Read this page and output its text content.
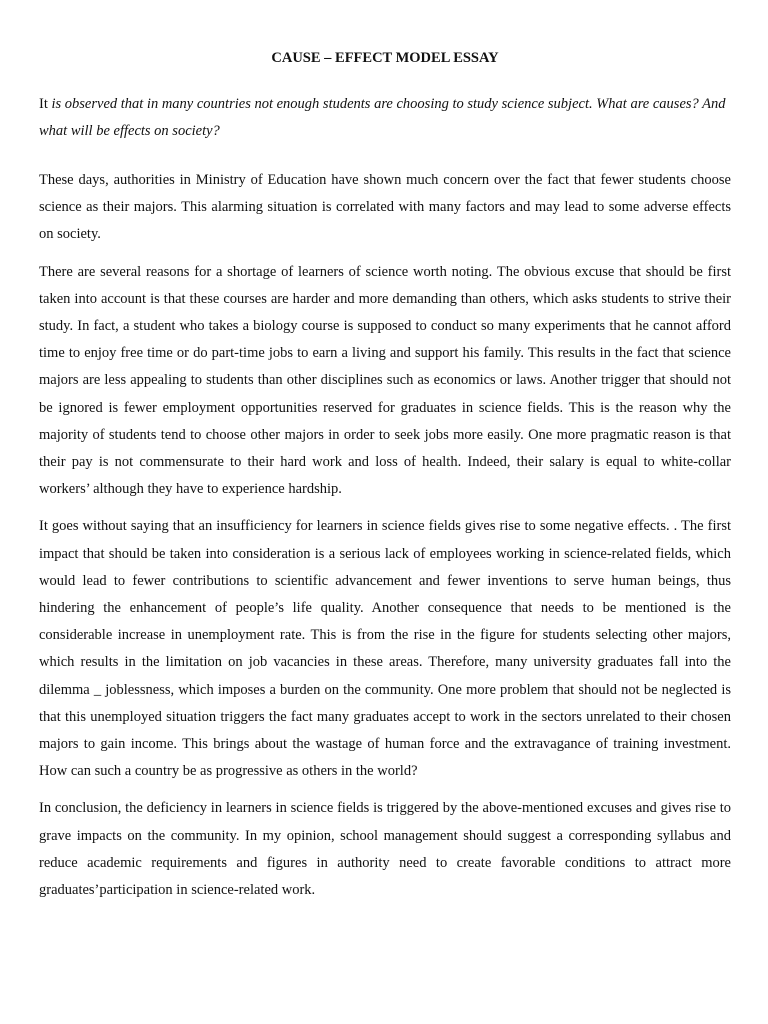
CAUSE – EFFECT MODEL ESSAY

It is observed that in many countries not enough students are choosing to study science subject. What are causes? And what will be effects on society?

These days, authorities in Ministry of Education have shown much concern over the fact that fewer students choose science as their majors. This alarming situation is correlated with many factors and may lead to some adverse effects on society.

There are several reasons for a shortage of learners of science worth noting. The obvious excuse that should be first taken into account is that these courses are harder and more demanding than others, which asks students to strive their study. In fact, a student who takes a biology course is supposed to conduct so many experiments that he cannot afford time to enjoy free time or do part-time jobs to earn a living and support his family. This results in the fact that science majors are less appealing to students than other disciplines such as economics or laws. Another trigger that should not be ignored is fewer employment opportunities reserved for graduates in science fields. This is the reason why the majority of students tend to choose other majors in order to seek jobs more easily. One more pragmatic reason is that their pay is not commensurate to their hard work and loss of health. Indeed, their salary is equal to white-collar workers’ although they have to experience hardship.

It goes without saying that an insufficiency for learners in science fields gives rise to some negative effects. . The first impact that should be taken into consideration is a serious lack of employees working in science-related fields, which would lead to fewer contributions to scientific advancement and fewer inventions to serve human beings, thus hindering the enhancement of people’s life quality. Another consequence that needs to be mentioned is the considerable increase in unemployment rate. This is from the rise in the figure for students selecting other majors, which results in the limitation on job vacancies in these areas. Therefore, many university graduates fall into the dilemma _ joblessness, which imposes a burden on the community. One more problem that should not be neglected is that this unemployed situation triggers the fact many graduates accept to work in the sectors unrelated to their chosen majors to gain income. This brings about the wastage of human force and the extravagance of training investment. How can such a country be as progressive as others in the world?

In conclusion, the deficiency in learners in science fields is triggered by the above-mentioned excuses and gives rise to grave impacts on the community. In my opinion, school management should suggest a corresponding syllabus and reduce academic requirements and figures in authority need to create favorable conditions to attract more graduates’participation in science-related work.
